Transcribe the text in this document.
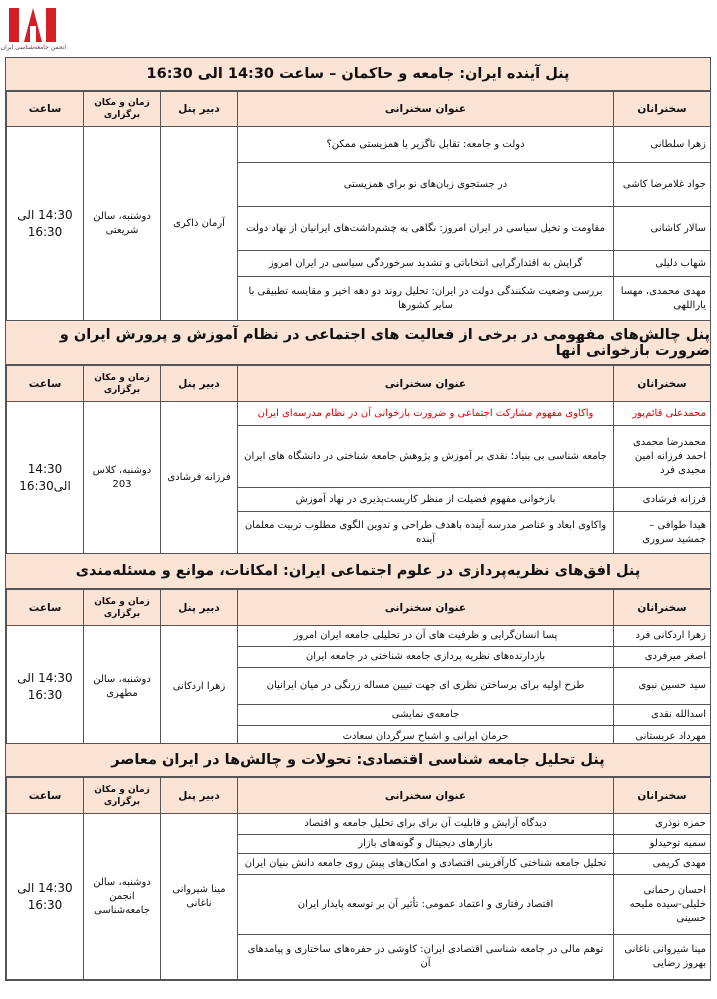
انجمن جامعه‌شناسی ایران
پنل آینده ایران: جامعه و حاکمان – ساعت 14:30 الی 16:30
سخنرانان	عنوان سخنرانی	دبیر پنل	زمان و مکان برگزاری	ساعت
زهرا سلطانی	دولت و جامعه: تقابل ناگزیر یا همزیستی ممکن؟	آرمان ذاکری	دوشنبه، سالن شریعتی	14:30 الی 16:30
جواد غلامرضا کاشی	در جستجوی زبان‌های نو برای همزیستی			
سالار کاشانی	مقاومت و تخیل سیاسی در ایران امروز: نگاهی به چشم‌داشت‌های ایرانیان از نهاد دولت			
شهاب دلیلی	گرایش به اقتدارگرایی انتخاباتی و تشدید سرخوردگی سیاسی در ایران امروز			
مهدی محمدی، مهسا یاراللهی	بررسی وضعیت شکنندگی دولت در ایران: تحلیل روند دو دهه اخیر و مقایسه تطبیقی با سایر کشورها			
پنل چالش‌های مفهومی در برخی از فعالیت های اجتماعی در نظام آموزش و پرورش ایران و ضرورت بازخوانی آنها
سخنرانان	عنوان سخنرانی	دبیر پنل	زمان و مکان برگزاری	ساعت
محمدعلی قائم‌پور	واکاوی مفهوم مشارکت اجتماعی و ضرورت بازخوانی آن در نظام مدرسه‌ای ایران	فرزانه فرشادی	دوشنبه، کلاس 203	14:30 الی16:30
محمدرضا محمدی احمد فرزانه امین مجیدی فرد	جامعه شناسی بی بنیاد؛ نقدی بر آموزش و پژوهش جامعه شناختی در دانشگاه های ایران			
فرزانه فرشادی	بازخوانی مفهوم فضیلت از منظر کاربست‌پذیری در نهاد آموزش			
هیدا طوافی – جمشید سروری	واکاوی ابعاد و عناصر مدرسه آینده باهدف طراحی و تدوین الگوی مطلوب تربیت معلمان آینده			
پنل افق‌های نظریه‌پردازی در علوم اجتماعی ایران: امکانات، موانع و مسئله‌مندی
سخنرانان	عنوان سخنرانی	دبیر پنل	زمان و مکان برگزاری	ساعت
زهرا اردکانی فرد	پسا انسان‌گرایی و ظرفیت های آن در تحلیلی جامعه ایران امروز	زهرا اردکانی	دوشنبه، سالن مطهری	14:30 الی 16:30
اصغر میرفردی	بازدارنده‌های نظریه پردازی جامعه شناختی در جامعه ایران			
سید حسین نبوی	طرح اولیه برای برساختن نظری ای جهت تبیین مساله زرنگی در میان ایرانیان			
اسدالله نقدی	جامعه‌ی نمایشی			
مهرداد عربستانی	حرمان ایرانی و اشباح سرگردان سعادت			
پنل تحلیل جامعه شناسی اقتصادی: تحولات و چالش‌ها در ایران معاصر
سخنرانان	عنوان سخنرانی	دبیر پنل	زمان و مکان برگزاری	ساعت
حمزه نوذری	دیدگاه آرایش و قابلیت آن برای برای تحلیل جامعه و اقتصاد	مینا شیروانی ناغانی	دوشنبه، سالن انجمن جامعه‌شناسی	14:30 الی 16:30
سمیه توحیدلو	بازارهای دیجیتال و گونه‌های بازار			
مهدی کریمی	تحلیل جامعه شناختی کارآفرینی اقتصادی و امکان‌های پیش روی جامعه دانش بنیان ایران			
احسان رحمانی خلیلی-سیده ملیحه حسینی	اقتصاد رفتاری و اعتماد عمومی: تأثیر آن بر توسعه پایدار ایران			
مینا شیروانی ناغانی بهروز رضایی	توهم مالی در جامعه شناسی اقتصادی ایران: کاوشی در حفره‌های ساختاری و پیامدهای آن			
